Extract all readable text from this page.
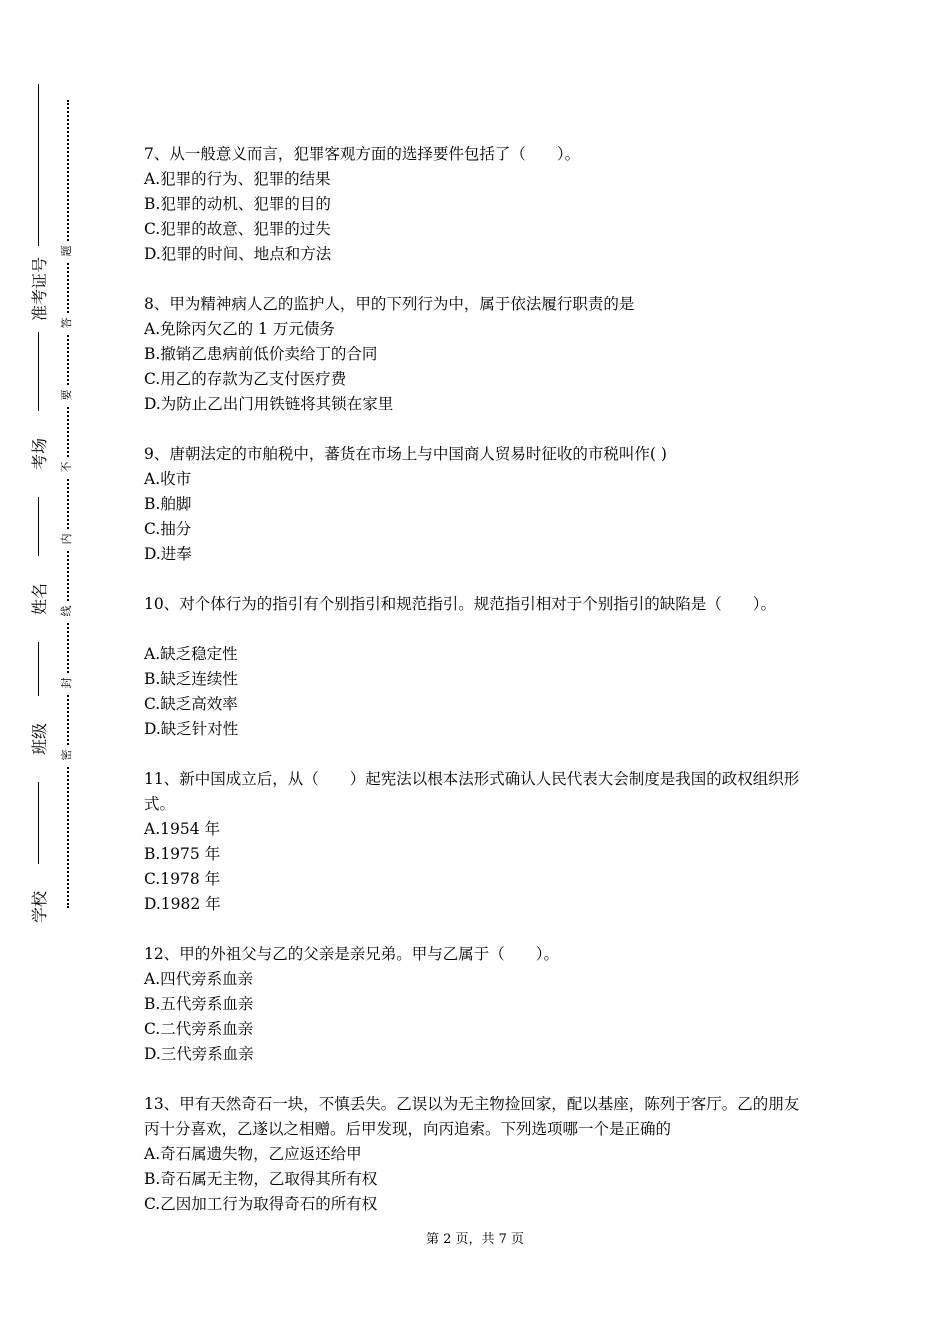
准考证号
考场
姓名
班级
学校
题
答
要
不
内
线
封
密

7、从一般意义而言，犯罪客观方面的选择要件包括了（　　）。

A.犯罪的行为、犯罪的结果

B.犯罪的动机、犯罪的目的

C.犯罪的故意、犯罪的过失

D.犯罪的时间、地点和方法

8、甲为精神病人乙的监护人，甲的下列行为中，属于依法履行职责的是

A.免除丙欠乙的 1 万元债务

B.撤销乙患病前低价卖给丁的合同

C.用乙的存款为乙支付医疗费

D.为防止乙出门用铁链将其锁在家里

9、唐朝法定的市舶税中，蕃货在市场上与中国商人贸易时征收的市税叫作( )

A.收市

B.舶脚

C.抽分

D.进奉

10、对个体行为的指引有个别指引和规范指引。规范指引相对于个别指引的缺陷是（　　）。

A.缺乏稳定性

B.缺乏连续性

C.缺乏高效率

D.缺乏针对性

11、新中国成立后，从（　　）起宪法以根本法形式确认人民代表大会制度是我国的政权组织形式。

A.1954 年

B.1975 年

C.1978 年

D.1982 年

12、甲的外祖父与乙的父亲是亲兄弟。甲与乙属于（　　）。

A.四代旁系血亲

B.五代旁系血亲

C.二代旁系血亲

D.三代旁系血亲

13、甲有天然奇石一块，不慎丢失。乙误以为无主物捡回家，配以基座，陈列于客厅。乙的朋友丙十分喜欢，乙遂以之相赠。后甲发现，向丙追索。下列选项哪一个是正确的

A.奇石属遗失物，乙应返还给甲

B.奇石属无主物，乙取得其所有权

C.乙因加工行为取得奇石的所有权

第 2 页，共 7 页
